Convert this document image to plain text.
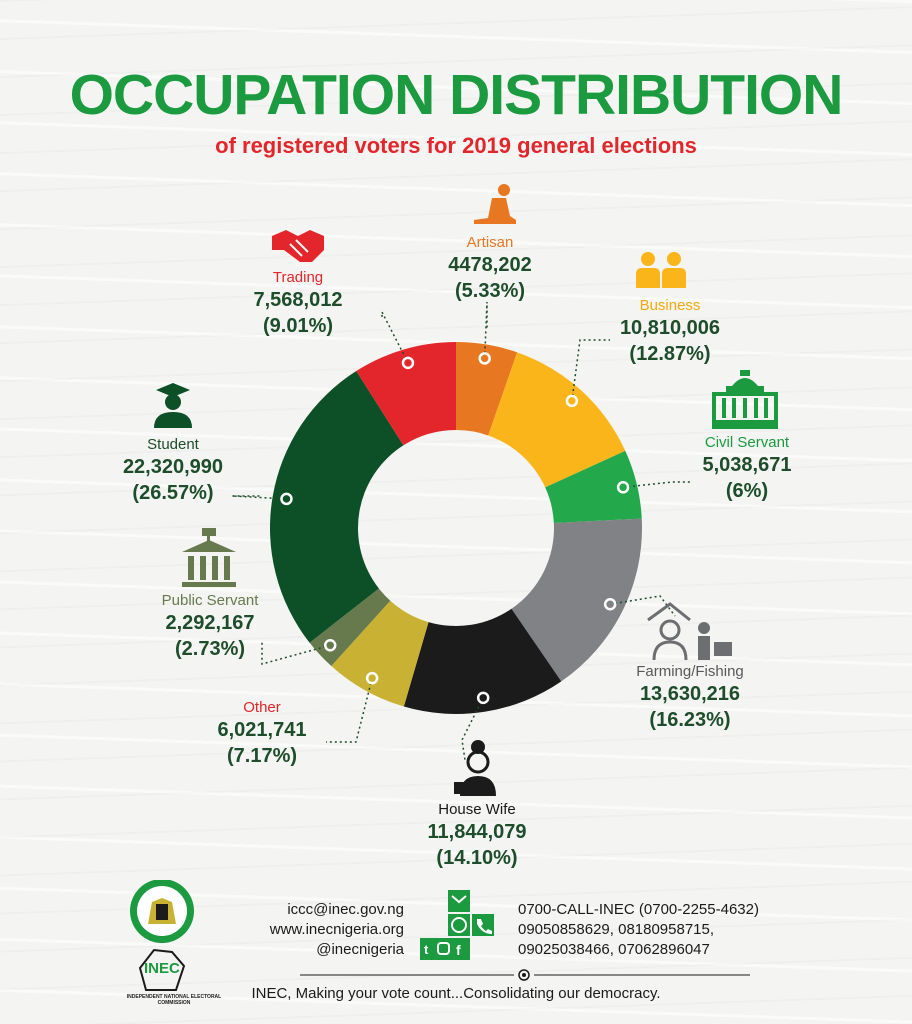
OCCUPATION DISTRIBUTION
of registered voters for 2019 general elections
Artisan
4478,202
(5.33%)
Business
10,810,006
(12.87%)
Civil Servant
5,038,671
(6%)
Farming/Fishing
13,630,216
(16.23%)
House Wife
11,844,079
(14.10%)
Other
6,021,741
(7.17%)
Public Servant
2,292,167
(2.73%)
Student
22,320,990
(26.57%)
Trading
7,568,012
(9.01%)
INEC
INDEPENDENT NATIONAL ELECTORAL COMMISSION
iccc@inec.gov.ng
www.inecnigeria.org
@inecnigeria t f
0700-CALL-INEC (0700-2255-4632)
09050858629, 08180958715,
09025038466, 07062896047
INEC, Making your vote count...Consolidating our democracy.
